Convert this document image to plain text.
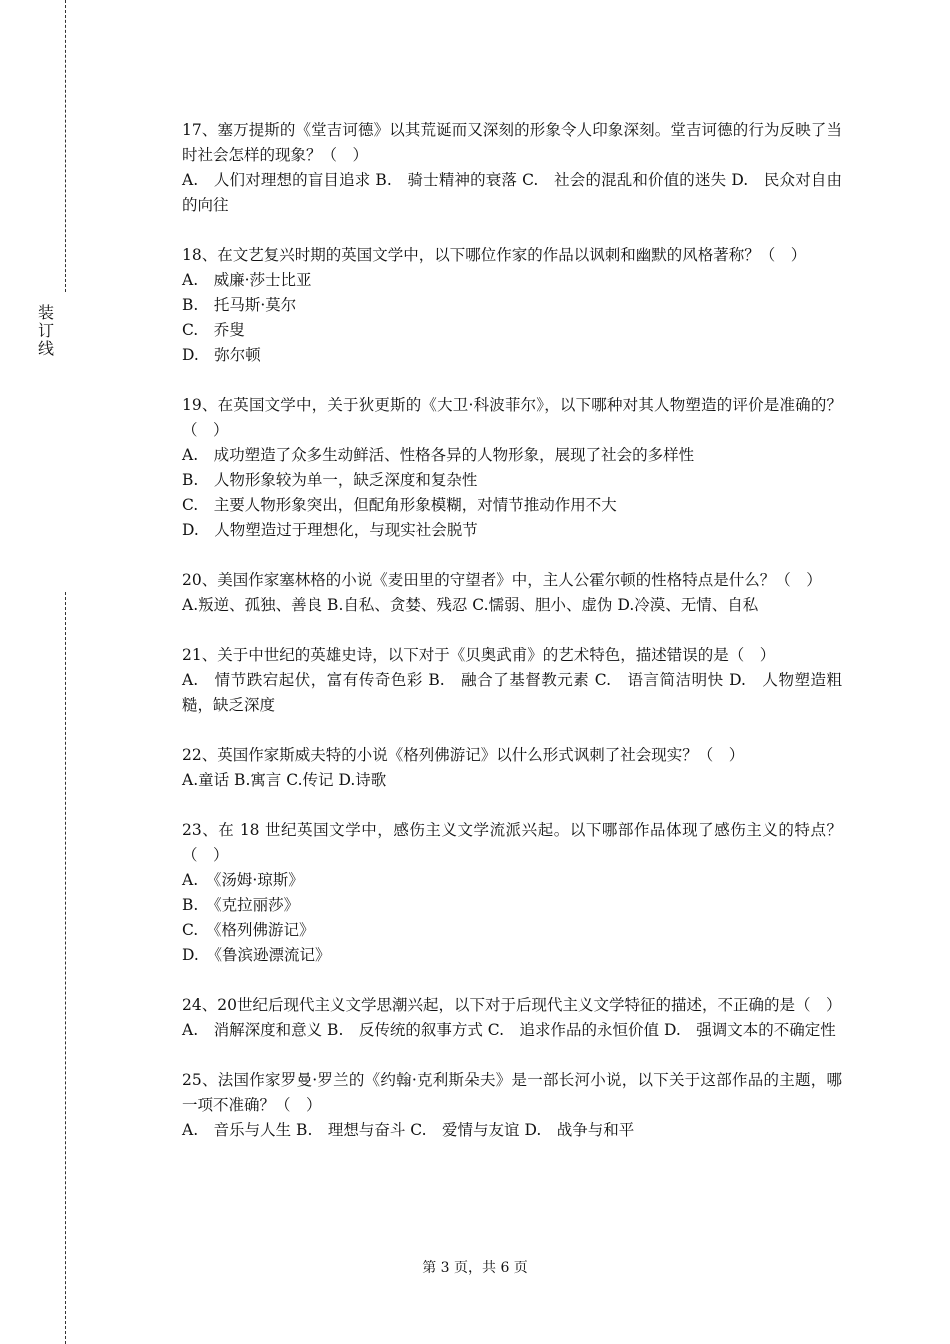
装
订
线

17、塞万提斯的《堂吉诃德》以其荒诞而又深刻的形象令人印象深刻。堂吉诃德的行为反映了当时社会怎样的现象？（　）

A.　人们对理想的盲目追求 B.　骑士精神的衰落 C.　社会的混乱和价值的迷失 D.　民众对自由的向往

18、在文艺复兴时期的英国文学中，以下哪位作家的作品以讽刺和幽默的风格著称？（　）

A.　威廉·莎士比亚

B.　托马斯·莫尔

C.　乔叟

D.　弥尔顿

19、在英国文学中，关于狄更斯的《大卫·科波菲尔》，以下哪种对其人物塑造的评价是准确的？（　）

A.　成功塑造了众多生动鲜活、性格各异的人物形象，展现了社会的多样性

B.　人物形象较为单一，缺乏深度和复杂性

C.　主要人物形象突出，但配角形象模糊，对情节推动作用不大

D.　人物塑造过于理想化，与现实社会脱节

20、美国作家塞林格的小说《麦田里的守望者》中，主人公霍尔顿的性格特点是什么？（　）

A.叛逆、孤独、善良 B.自私、贪婪、残忍 C.懦弱、胆小、虚伪 D.冷漠、无情、自私

21、关于中世纪的英雄史诗，以下对于《贝奥武甫》的艺术特色，描述错误的是（　）

A.　情节跌宕起伏，富有传奇色彩 B.　融合了基督教元素 C.　语言简洁明快 D.　人物塑造粗糙，缺乏深度

22、英国作家斯威夫特的小说《格列佛游记》以什么形式讽刺了社会现实？（　）

A.童话 B.寓言 C.传记 D.诗歌

23、在 18 世纪英国文学中，感伤主义文学流派兴起。以下哪部作品体现了感伤主义的特点？（　）

A.　《汤姆·琼斯》

B.　《克拉丽莎》

C.　《格列佛游记》

D.　《鲁滨逊漂流记》

24、20世纪后现代主义文学思潮兴起，以下对于后现代主义文学特征的描述，不正确的是（　）

A.　消解深度和意义 B.　反传统的叙事方式 C.　追求作品的永恒价值 D.　强调文本的不确定性

25、法国作家罗曼·罗兰的《约翰·克利斯朵夫》是一部长河小说，以下关于这部作品的主题，哪一项不准确？（　）

A.　音乐与人生 B.　理想与奋斗 C.　爱情与友谊 D.　战争与和平

第 3 页，共 6 页
